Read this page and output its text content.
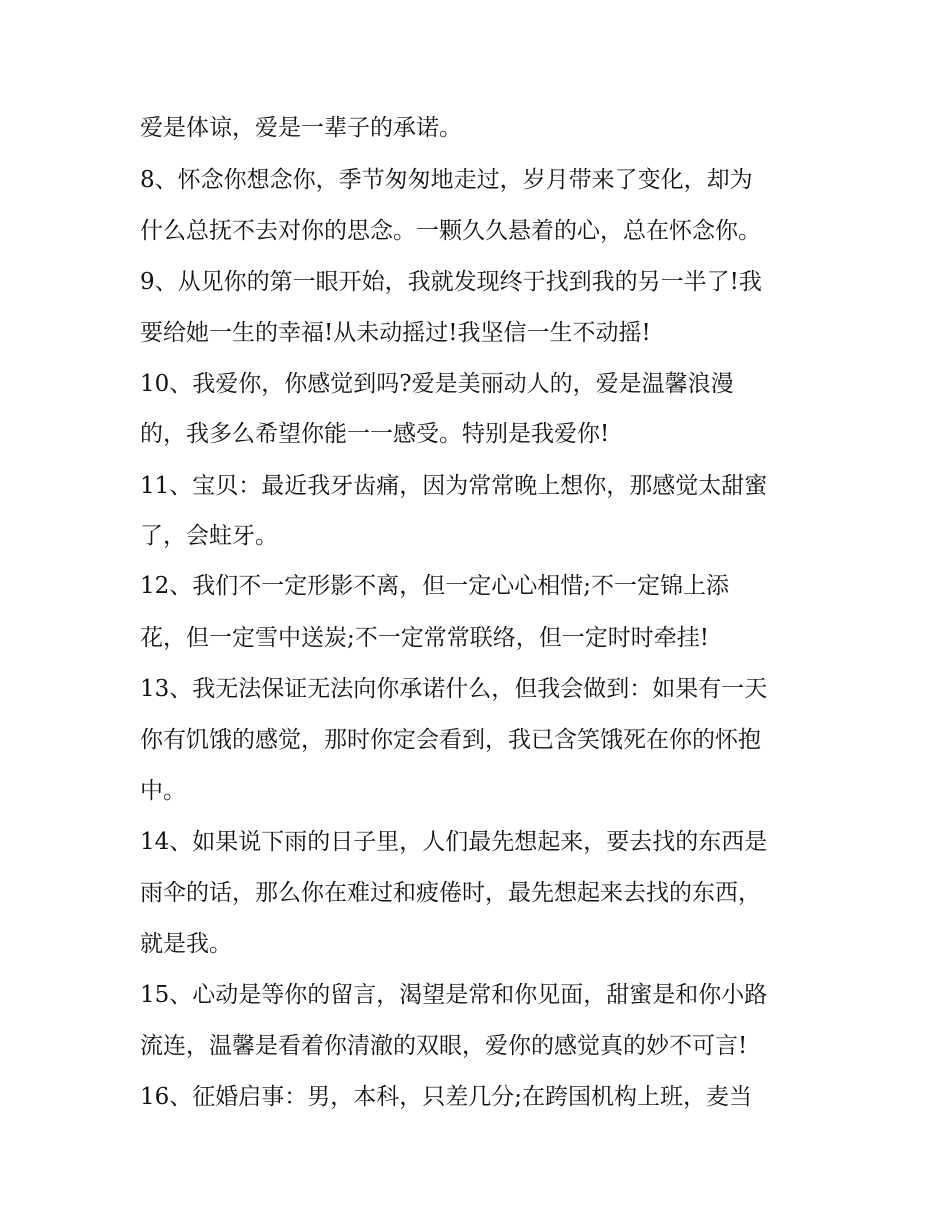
爱是体谅，爱是一辈子的承诺。

8、怀念你想念你，季节匆匆地走过，岁月带来了变化，却为

什么总抚不去对你的思念。一颗久久悬着的心，总在怀念你。

9、从见你的第一眼开始，我就发现终于找到我的另一半了!我

要给她一生的幸福!从未动摇过!我坚信一生不动摇!

10、我爱你，你感觉到吗?爱是美丽动人的，爱是温馨浪漫

的，我多么希望你能一一感受。特别是我爱你!

11、宝贝：最近我牙齿痛，因为常常晚上想你，那感觉太甜蜜

了，会蛀牙。

12、我们不一定形影不离，但一定心心相惜;不一定锦上添

花，但一定雪中送炭;不一定常常联络，但一定时时牵挂!

13、我无法保证无法向你承诺什么，但我会做到：如果有一天

你有饥饿的感觉，那时你定会看到，我已含笑饿死在你的怀抱

中。

14、如果说下雨的日子里，人们最先想起来，要去找的东西是

雨伞的话，那么你在难过和疲倦时，最先想起来去找的东西，

就是我。

15、心动是等你的留言，渴望是常和你见面，甜蜜是和你小路

流连，温馨是看着你清澈的双眼，爱你的感觉真的妙不可言!

16、征婚启事：男，本科，只差几分;在跨国机构上班，麦当
